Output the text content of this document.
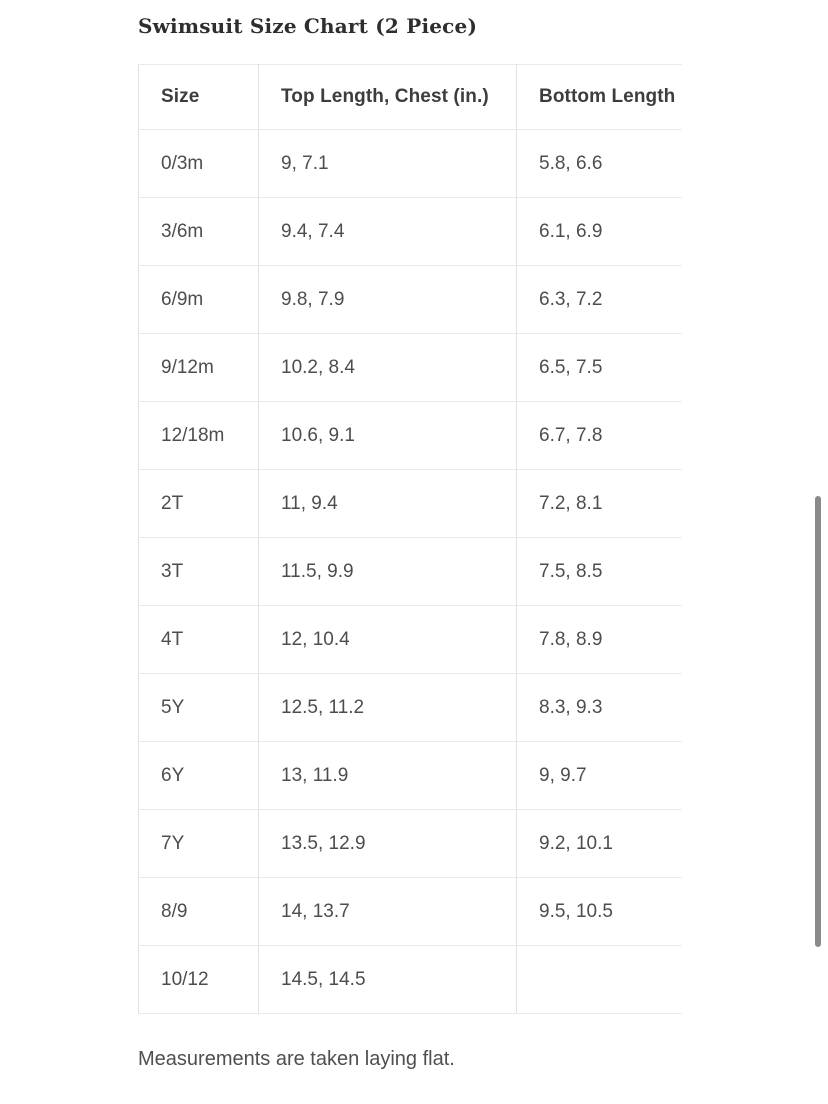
Swimsuit Size Chart (2 Piece)
Size	Top Length, Chest (in.)	Bottom Length
0/3m	9, 7.1	5.8, 6.6
3/6m	9.4, 7.4	6.1, 6.9
6/9m	9.8, 7.9	6.3, 7.2
9/12m	10.2, 8.4	6.5, 7.5
12/18m	10.6, 9.1	6.7, 7.8
2T	11, 9.4	7.2, 8.1
3T	11.5, 9.9	7.5, 8.5
4T	12, 10.4	7.8, 8.9
5Y	12.5, 11.2	8.3, 9.3
6Y	13, 11.9	9, 9.7
7Y	13.5, 12.9	9.2, 10.1
8/9	14, 13.7	9.5, 10.5
10/12	14.5, 14.5	

Measurements are taken laying flat.
